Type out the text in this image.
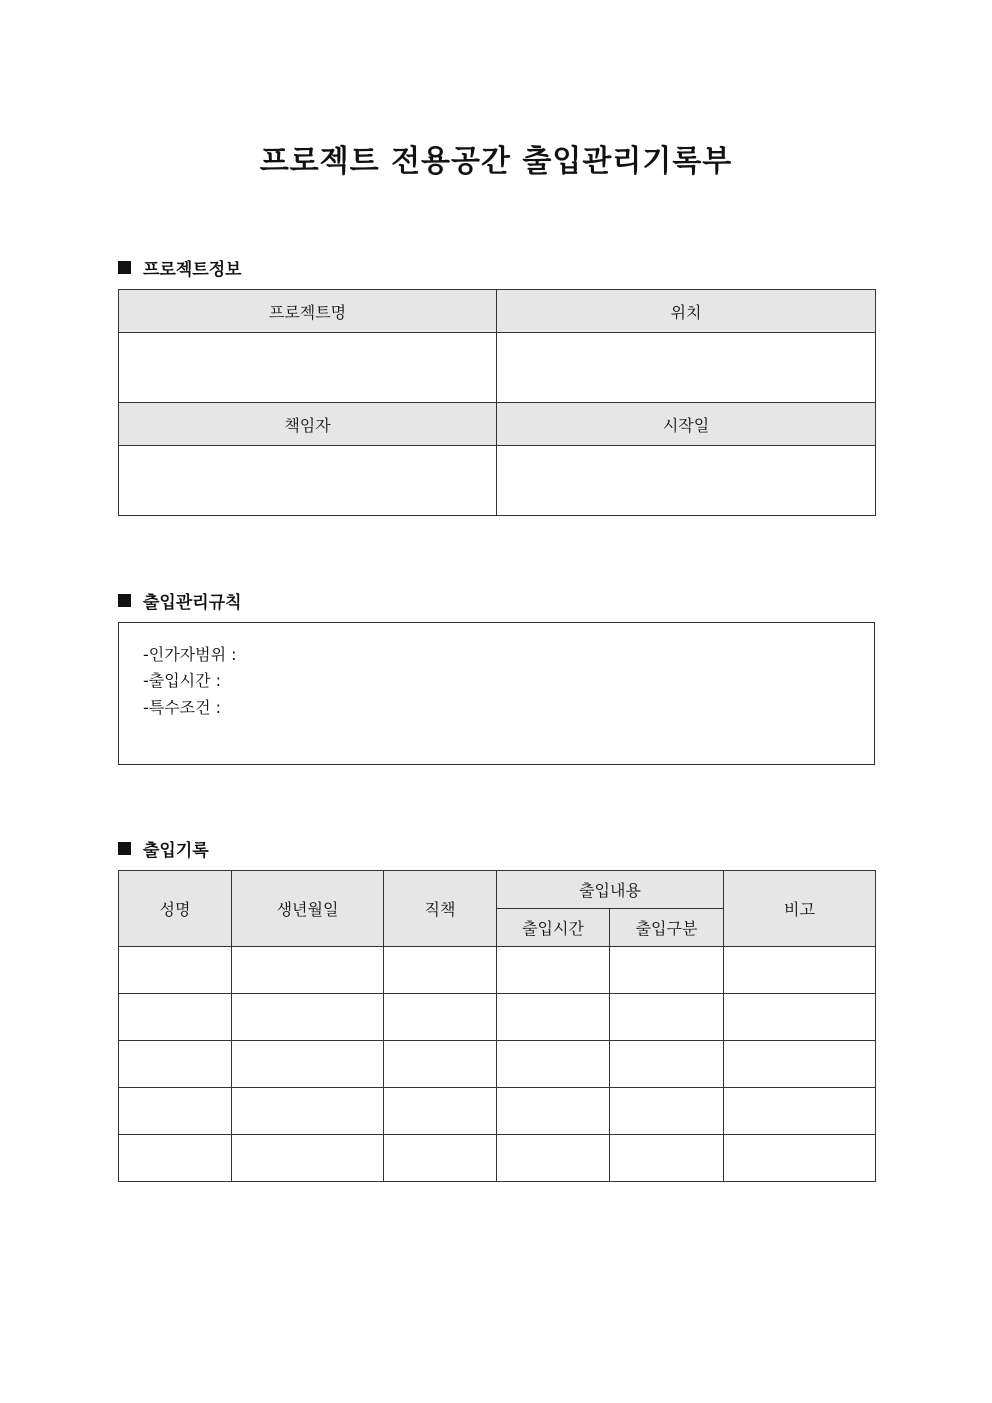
프로젝트 전용공간 출입관리기록부
프로젝트정보
프로젝트명	위치

책임자	시작일

출입관리규칙
-인가자범위 :
-출입시간 :
-특수조건 :
출입기록
성명	생년월일	직책	출입내용		비고
			출입시간	출입구분	
